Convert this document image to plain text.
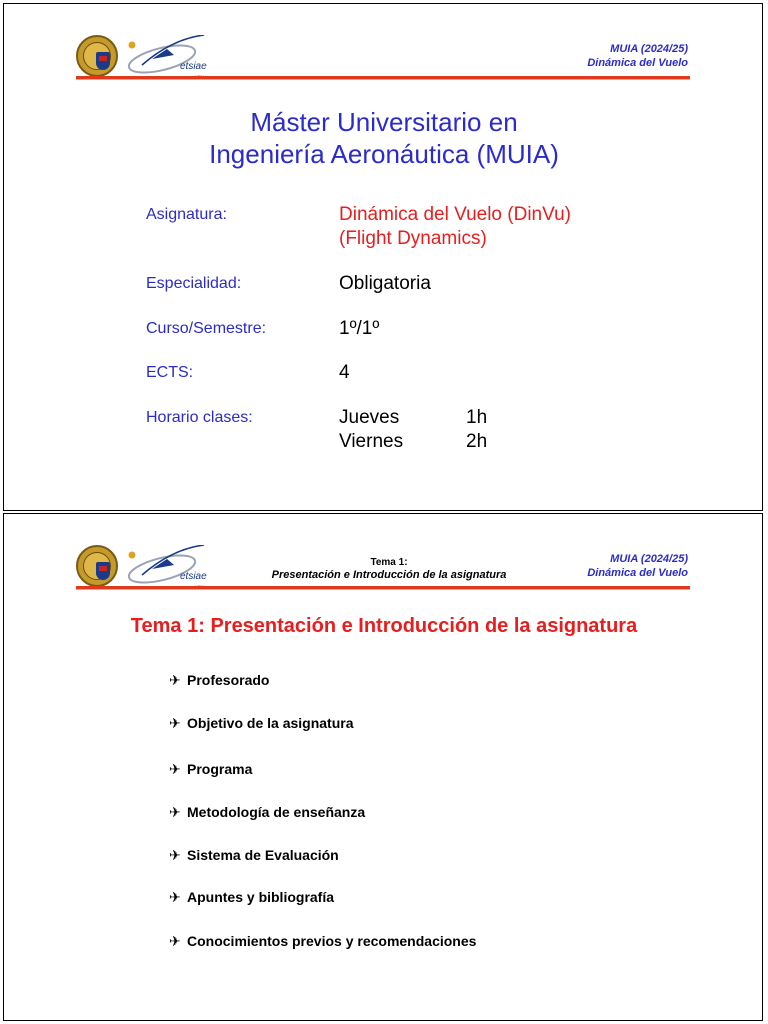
etsiae
MUIA (2024/25)
Dinámica del Vuelo
Máster Universitario en
Ingeniería Aeronáutica (MUIA)
Asignatura:	Dinámica del Vuelo (DinVu)
(Flight Dynamics)
Especialidad:	Obligatoria
Curso/Semestre:	1º/1º
ECTS:	4
Horario clases:	Jueves	1h
Viernes	2h
etsiae
Tema 1:
Presentación e Introducción de la asignatura
MUIA (2024/25)
Dinámica del Vuelo
Tema 1: Presentación e Introducción de la asignatura
✈ Profesorado
✈ Objetivo de la asignatura
✈ Programa
✈ Metodología de enseñanza
✈ Sistema de Evaluación
✈ Apuntes y bibliografía
✈ Conocimientos previos y recomendaciones
